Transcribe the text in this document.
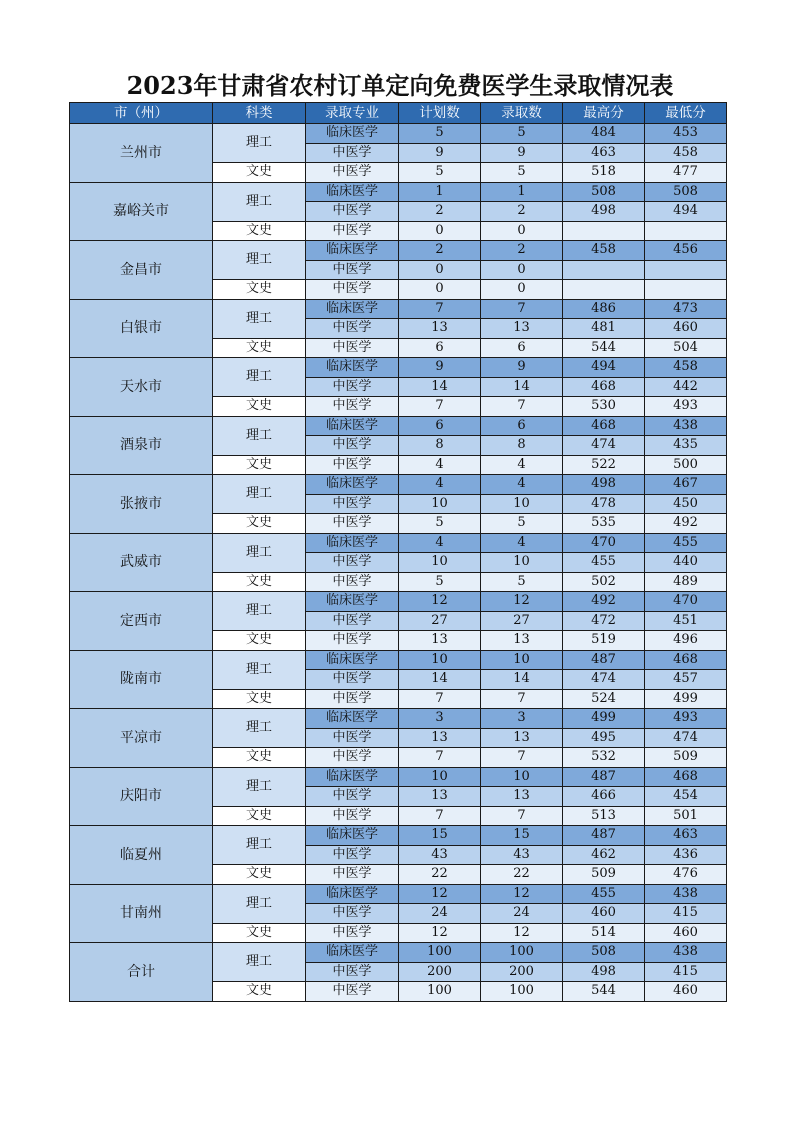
2023年甘肃省农村订单定向免费医学生录取情况表
市（州）	科类	录取专业	计划数	录取数	最高分	最低分
兰州市	理工	临床医学	5	5	484	453
		中医学	9	9	463	458
	文史	中医学	5	5	518	477
嘉峪关市	理工	临床医学	1	1	508	508
		中医学	2	2	498	494
	文史	中医学	0	0		
金昌市	理工	临床医学	2	2	458	456
		中医学	0	0		
	文史	中医学	0	0		
白银市	理工	临床医学	7	7	486	473
		中医学	13	13	481	460
	文史	中医学	6	6	544	504
天水市	理工	临床医学	9	9	494	458
		中医学	14	14	468	442
	文史	中医学	7	7	530	493
酒泉市	理工	临床医学	6	6	468	438
		中医学	8	8	474	435
	文史	中医学	4	4	522	500
张掖市	理工	临床医学	4	4	498	467
		中医学	10	10	478	450
	文史	中医学	5	5	535	492
武威市	理工	临床医学	4	4	470	455
		中医学	10	10	455	440
	文史	中医学	5	5	502	489
定西市	理工	临床医学	12	12	492	470
		中医学	27	27	472	451
	文史	中医学	13	13	519	496
陇南市	理工	临床医学	10	10	487	468
		中医学	14	14	474	457
	文史	中医学	7	7	524	499
平凉市	理工	临床医学	3	3	499	493
		中医学	13	13	495	474
	文史	中医学	7	7	532	509
庆阳市	理工	临床医学	10	10	487	468
		中医学	13	13	466	454
	文史	中医学	7	7	513	501
临夏州	理工	临床医学	15	15	487	463
		中医学	43	43	462	436
	文史	中医学	22	22	509	476
甘南州	理工	临床医学	12	12	455	438
		中医学	24	24	460	415
	文史	中医学	12	12	514	460
合计	理工	临床医学	100	100	508	438
		中医学	200	200	498	415
	文史	中医学	100	100	544	460
